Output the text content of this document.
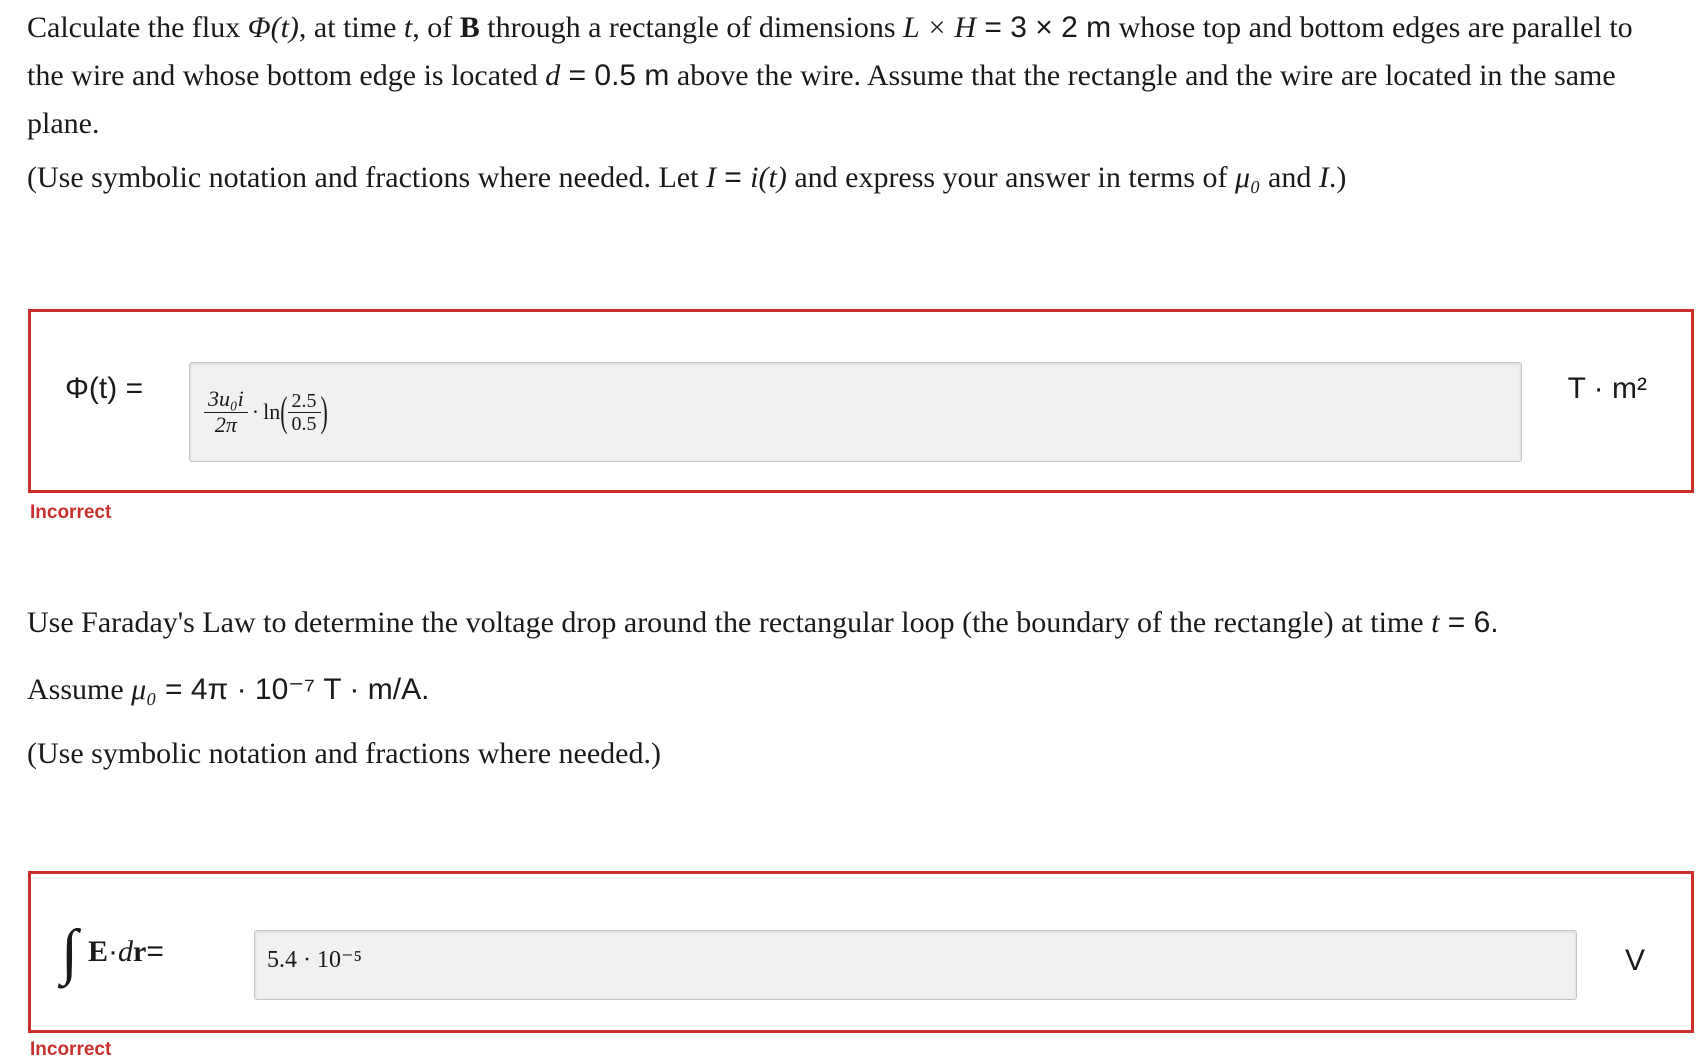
Calculate the flux Φ(t), at time t, of B through a rectangle of dimensions L × H = 3 × 2 m whose top and bottom edges are parallel to the wire and whose bottom edge is located d = 0.5 m above the wire. Assume that the rectangle and the wire are located in the same plane.

(Use symbolic notation and fractions where needed. Let I = i(t) and express your answer in terms of μ₀ and I.)

Φ(t) =	$\frac{\text{3u₀i}}{2\pi} \cdot \ln$ ( $\frac{2.5}{0.5}$ )	T · m²
Incorrect

Use Faraday's Law to determine the voltage drop around the rectangular loop (the boundary of the rectangle) at time t = 6.

Assume μ₀ = 4π · 10⁻⁷ T · m/A.

(Use symbolic notation and fractions where needed.)

∫ E · d r =	5.4 · 10⁻⁵	V
Incorrect
